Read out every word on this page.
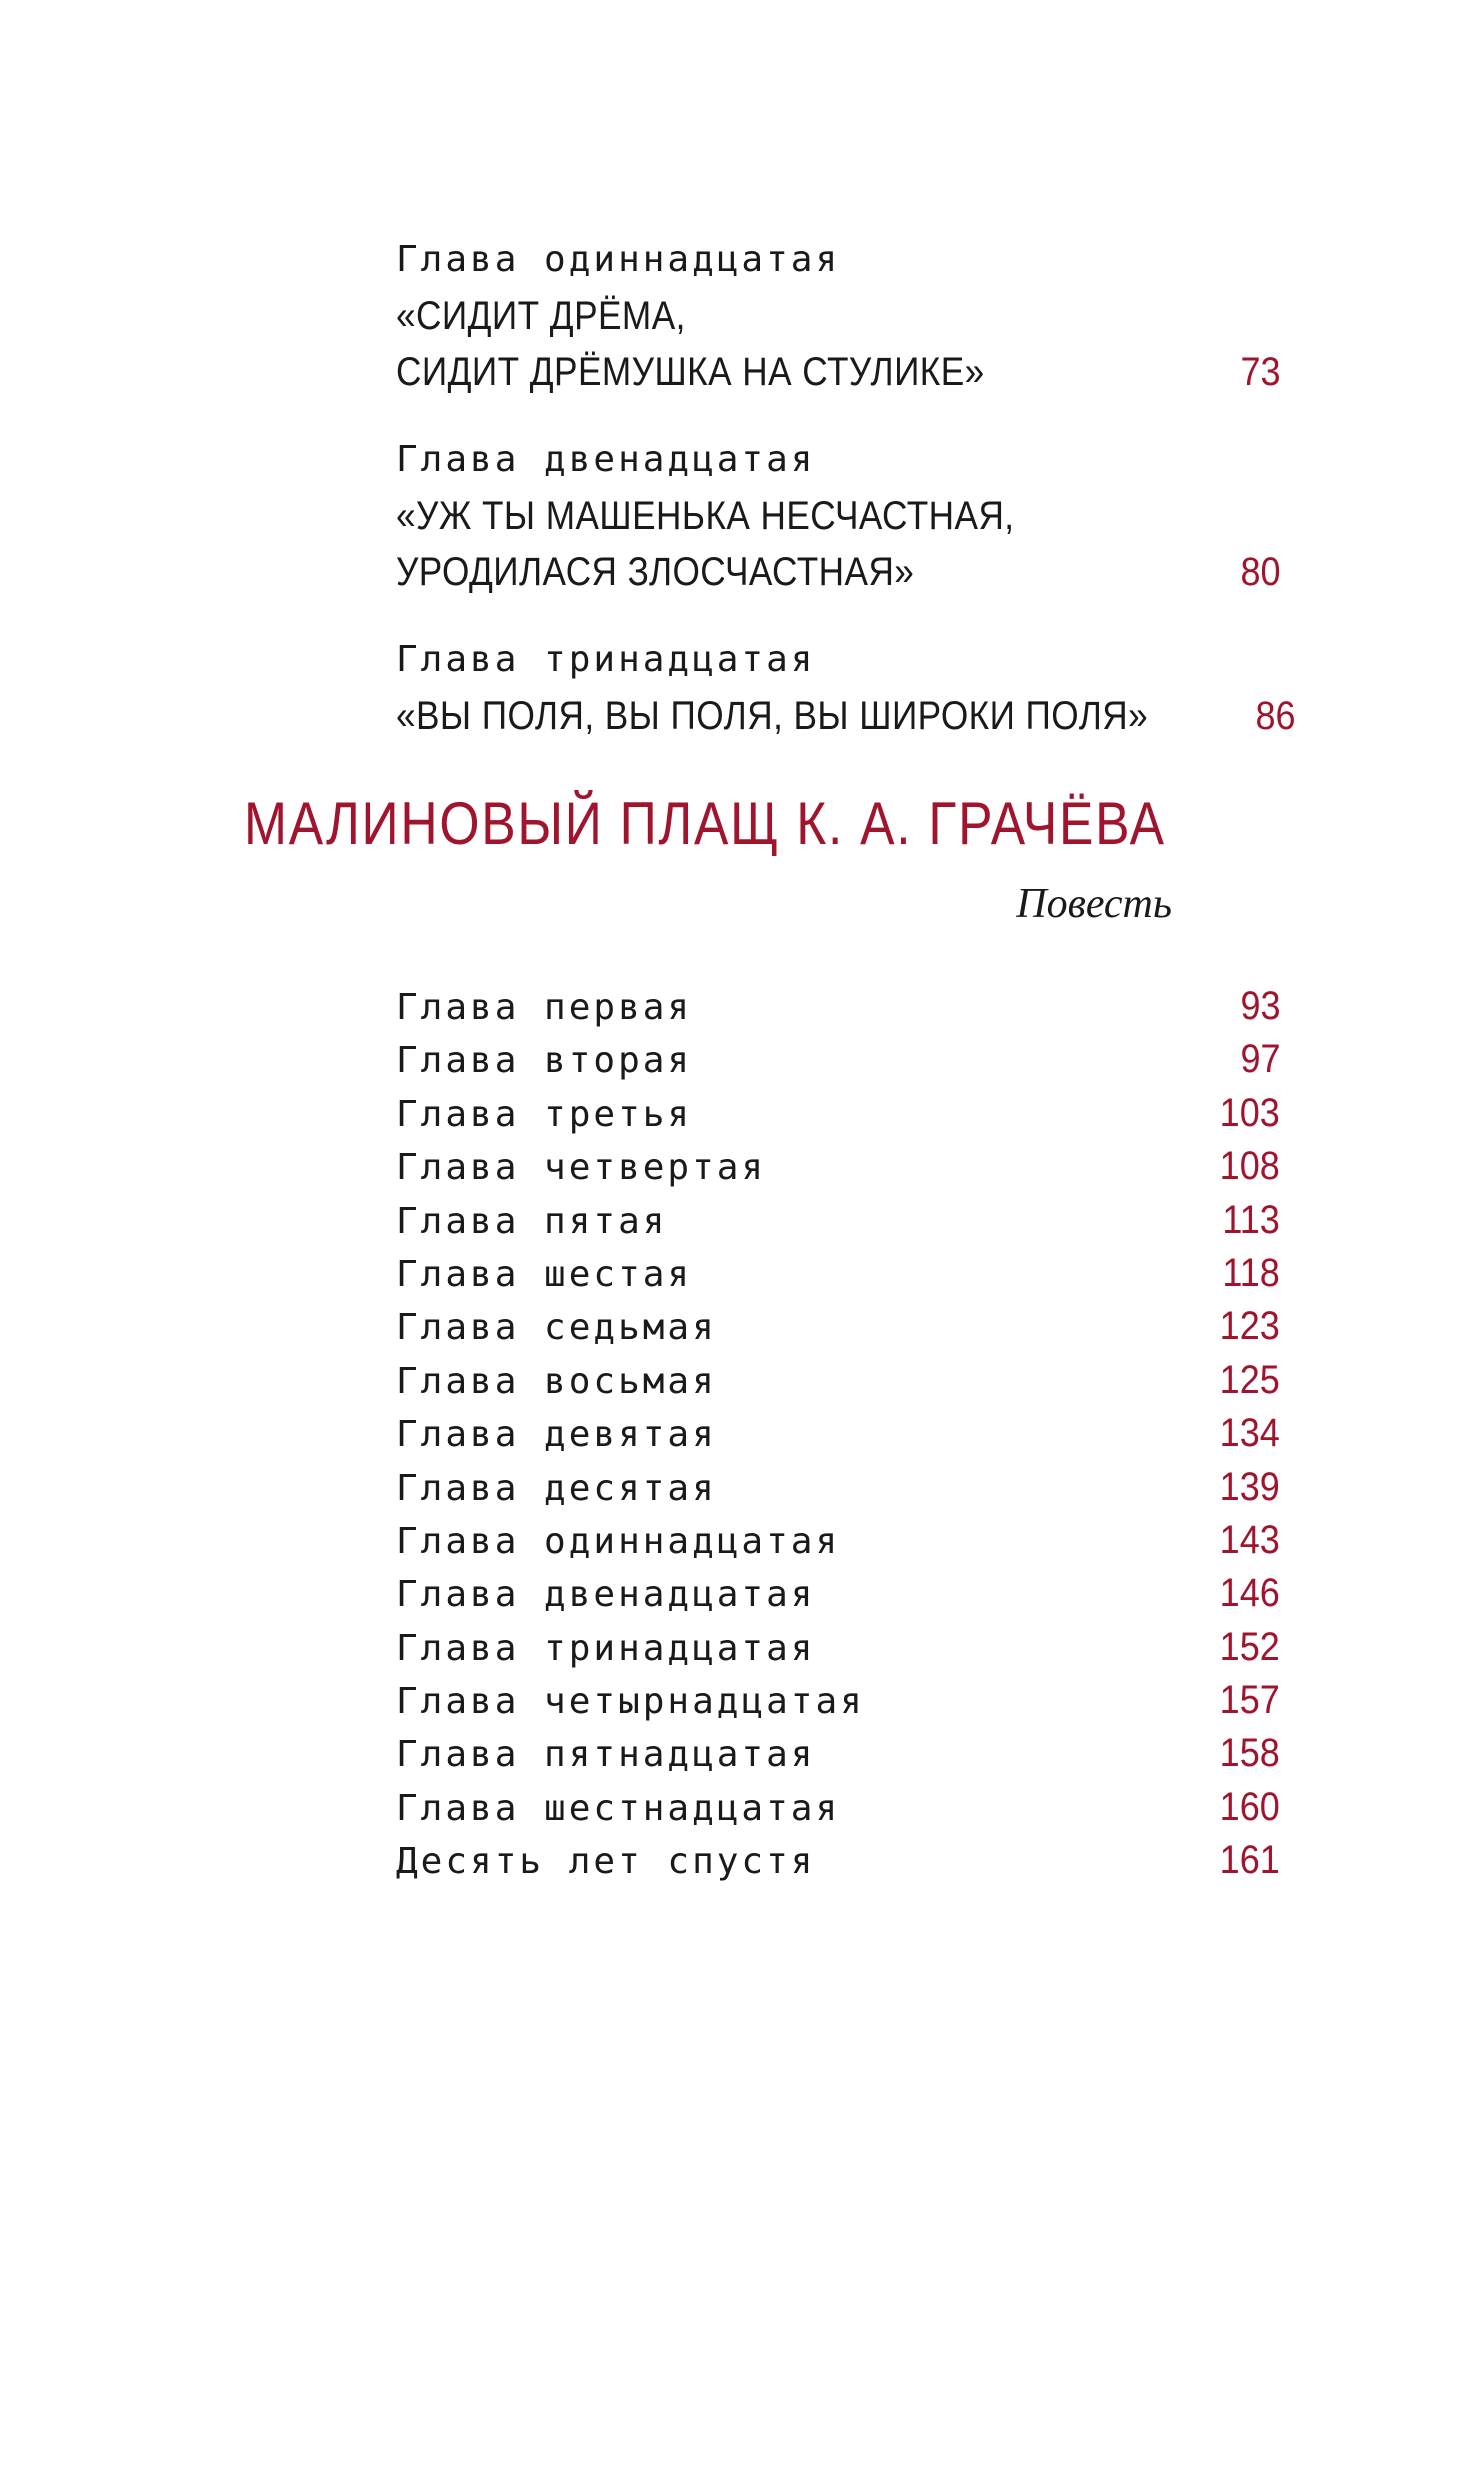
Глава одиннадцатая
«СИДИТ ДРЁМА,
СИДИТ ДРЁМУШКА НА СТУЛИКЕ»	73
Глава двенадцатая
«УЖ ТЫ МАШЕНЬКА НЕСЧАСТНАЯ,
УРОДИЛАСЯ ЗЛОСЧАСТНАЯ»	80
Глава тринадцатая
«ВЫ ПОЛЯ, ВЫ ПОЛЯ, ВЫ ШИРОКИ ПОЛЯ»	86
МАЛИНОВЫЙ ПЛАЩ К. А. ГРАЧЁВА
Повесть
Глава первая	93
Глава вторая	97
Глава третья	103
Глава четвертая	108
Глава пятая	113
Глава шестая	118
Глава седьмая	123
Глава восьмая	125
Глава девятая	134
Глава десятая	139
Глава одиннадцатая	143
Глава двенадцатая	146
Глава тринадцатая	152
Глава четырнадцатая	157
Глава пятнадцатая	158
Глава шестнадцатая	160
Десять лет спустя	161
